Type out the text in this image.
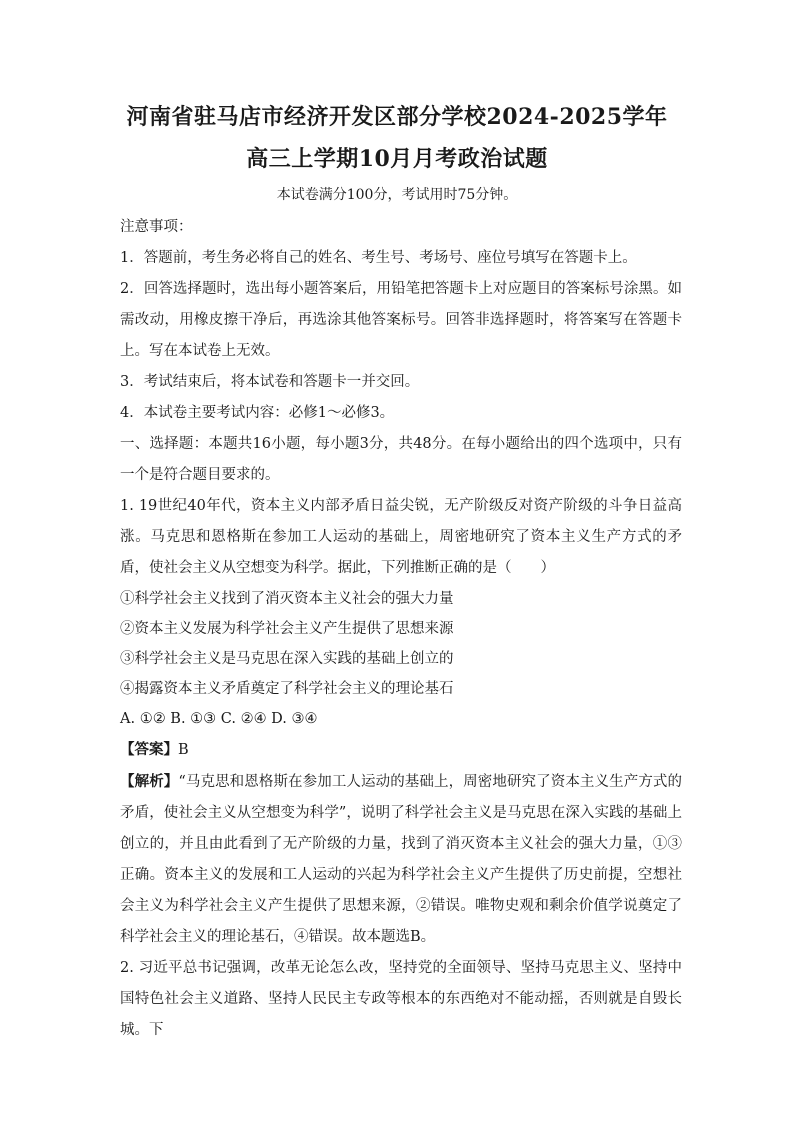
河南省驻马店市经济开发区部分学校2024-2025学年
高三上学期10月月考政治试题
本试卷满分100分，考试用时75分钟。
注意事项：
1．答题前，考生务必将自己的姓名、考生号、考场号、座位号填写在答题卡上。
2．回答选择题时，选出每小题答案后，用铅笔把答题卡上对应题目的答案标号涂黑。如需改动，用橡皮擦干净后，再选涂其他答案标号。回答非选择题时，将答案写在答题卡上。写在本试卷上无效。
3．考试结束后，将本试卷和答题卡一并交回。
4．本试卷主要考试内容：必修1～必修3。
一、选择题：本题共16小题，每小题3分，共48分。在每小题给出的四个选项中，只有一个是符合题目要求的。
1. 19世纪40年代，资本主义内部矛盾日益尖锐，无产阶级反对资产阶级的斗争日益高涨。马克思和恩格斯在参加工人运动的基础上，周密地研究了资本主义生产方式的矛盾，使社会主义从空想变为科学。据此，下列推断正确的是（　　）
①科学社会主义找到了消灭资本主义社会的强大力量
②资本主义发展为科学社会主义产生提供了思想来源
③科学社会主义是马克思在深入实践的基础上创立的
④揭露资本主义矛盾奠定了科学社会主义的理论基石
A. ①② B. ①③ C. ②④ D. ③④
【答案】B
【解析】“马克思和恩格斯在参加工人运动的基础上，周密地研究了资本主义生产方式的矛盾，使社会主义从空想变为科学”，说明了科学社会主义是马克思在深入实践的基础上创立的，并且由此看到了无产阶级的力量，找到了消灭资本主义社会的强大力量，①③正确。资本主义的发展和工人运动的兴起为科学社会主义产生提供了历史前提，空想社会主义为科学社会主义产生提供了思想来源，②错误。唯物史观和剩余价值学说奠定了科学社会主义的理论基石，④错误。故本题选B。
2. 习近平总书记强调，改革无论怎么改，坚持党的全面领导、坚持马克思主义、坚持中国特色社会主义道路、坚持人民民主专政等根本的东西绝对不能动摇，否则就是自毁长城。下
